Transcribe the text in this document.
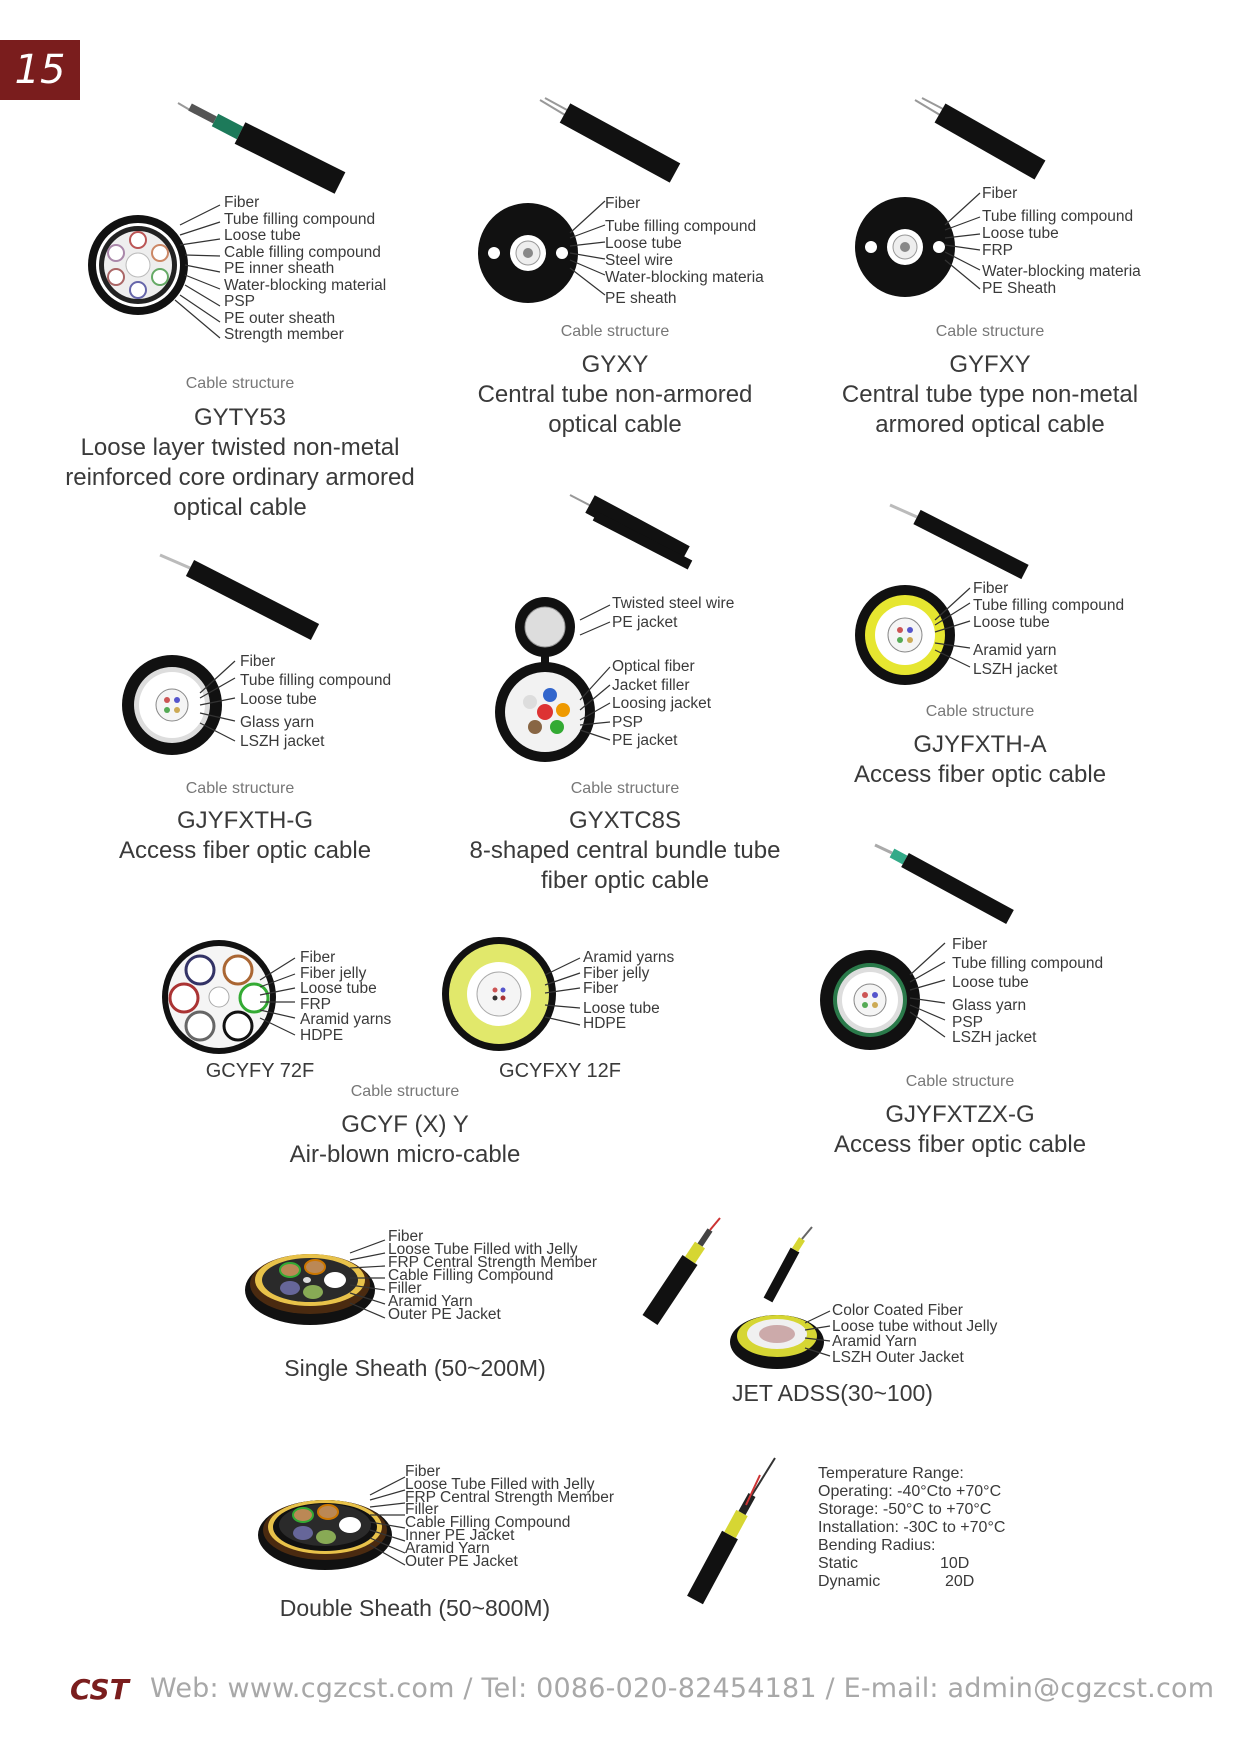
15
Fiber
Tube filling compound
Loose tube
Cable filling compound
PE inner sheath
Water-blocking material
PSP
PE outer sheath
Strength member
Cable structure
GYTY53
Loose layer twisted non-metal
reinforced core ordinary armored
optical cable
Fiber
Tube filling compound
Loose tube
Steel wire
Water-blocking materia
PE sheath
Cable structure
GYXY
Central tube non-armored
optical cable
Fiber
Tube filling compound
Loose tube
FRP
Water-blocking materia
PE Sheath
Cable structure
GYFXY
Central tube type non-metal
armored optical cable
Fiber
Tube filling compound
Loose tube
Glass yarn
LSZH jacket
Cable structure
GJYFXTH-G
Access fiber optic cable
Twisted steel wire
PE jacket
Optical fiber
Jacket filler
Loosing jacket
PSP
PE jacket
Cable structure
GYXTC8S
8-shaped central bundle tube
fiber optic cable
Fiber
Tube filling compound
Loose tube
Aramid yarn
LSZH jacket
Cable structure
GJYFXTH-A
Access fiber optic cable
Fiber
Fiber jelly
Loose tube
FRP
Aramid yarns
HDPE
GCYFY 72F
Aramid yarns
Fiber jelly
Fiber
Loose tube
HDPE
GCYFXY 12F
Cable structure
GCYF (X) Y
Air-blown micro-cable
Fiber
Tube filling compound
Loose tube
Glass yarn
PSP
LSZH jacket
Cable structure
GJYFXTZX-G
Access fiber optic cable
Fiber
Loose Tube Filled with Jelly
FRP Central Strength Member
Cable Filling Compound
Filler
Aramid Yarn
Outer PE Jacket
Single Sheath (50~200M)
Color Coated Fiber
Loose tube without Jelly
Aramid Yarn
LSZH Outer Jacket
JET ADSS(30~100)
Fiber
Loose Tube Filled with Jelly
FRP Central Strength Member
Filler
Cable Filling Compound
Inner PE Jacket
Aramid Yarn
Outer PE Jacket
Double Sheath (50~800M)
Temperature Range:
Operating: -40°Cto +70°C
Storage: -50°C to +70°C
Installation: -30C to +70°C
Bending Radius:
Static	10D
Dynamic	20D
CST Web: www.cgzcst.com / Tel: 0086-020-82454181 / E-mail: admin@cgzcst.com
